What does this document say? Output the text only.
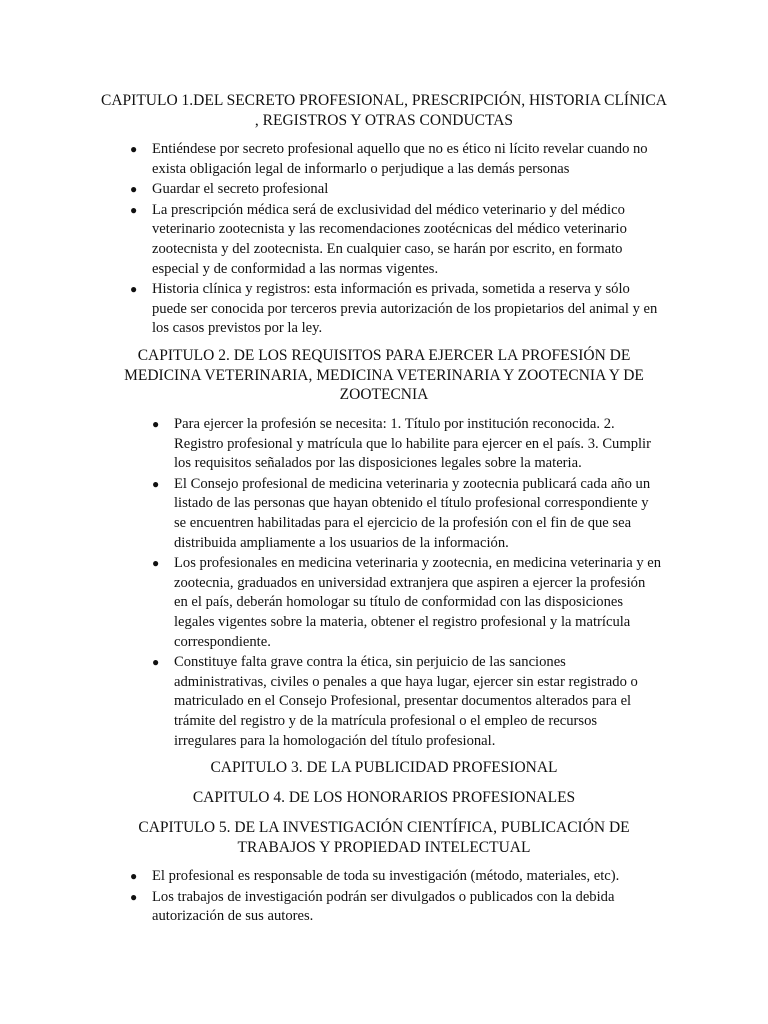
CAPITULO 1.DEL SECRETO PROFESIONAL, PRESCRIPCIÓN, HISTORIA CLÍNICA , REGISTROS Y OTRAS CONDUCTAS
● Entiéndese por secreto profesional aquello que no es ético ni lícito revelar cuando no exista obligación legal de informarlo o perjudique a las demás personas
● Guardar el secreto profesional
● La prescripción médica será de exclusividad del médico veterinario y del médico veterinario zootecnista y las recomendaciones zootécnicas del médico veterinario zootecnista y del zootecnista. En cualquier caso, se harán por escrito, en formato especial y de conformidad a las normas vigentes.
● Historia clínica y registros: esta información es privada, sometida a reserva y sólo puede ser conocida por terceros previa autorización de los propietarios del animal y en los casos previstos por la ley.
CAPITULO 2. DE LOS REQUISITOS PARA EJERCER LA PROFESIÓN DE MEDICINA VETERINARIA, MEDICINA VETERINARIA Y ZOOTECNIA Y DE ZOOTECNIA
● Para ejercer la profesión se necesita: 1. Título por institución reconocida. 2. Registro profesional y matrícula que lo habilite para ejercer en el país. 3. Cumplir los requisitos señalados por las disposiciones legales sobre la materia.
● El Consejo profesional de medicina veterinaria y zootecnia publicará cada año un listado de las personas que hayan obtenido el título profesional correspondiente y se encuentren habilitadas para el ejercicio de la profesión con el fin de que sea distribuida ampliamente a los usuarios de la información.
● Los profesionales en medicina veterinaria y zootecnia, en medicina veterinaria y en zootecnia, graduados en universidad extranjera que aspiren a ejercer la profesión en el país, deberán homologar su título de conformidad con las disposiciones legales vigentes sobre la materia, obtener el registro profesional y la matrícula correspondiente.
● Constituye falta grave contra la ética, sin perjuicio de las sanciones administrativas, civiles o penales a que haya lugar, ejercer sin estar registrado o matriculado en el Consejo Profesional, presentar documentos alterados para el trámite del registro y de la matrícula profesional o el empleo de recursos irregulares para la homologación del título profesional.
CAPITULO 3. DE LA PUBLICIDAD PROFESIONAL
CAPITULO 4. DE LOS HONORARIOS PROFESIONALES
CAPITULO 5. DE LA INVESTIGACIÓN CIENTÍFICA, PUBLICACIÓN DE TRABAJOS Y PROPIEDAD INTELECTUAL
● El profesional es responsable de toda su investigación (método, materiales, etc).
● Los trabajos de investigación podrán ser divulgados o publicados con la debida autorización de sus autores.
